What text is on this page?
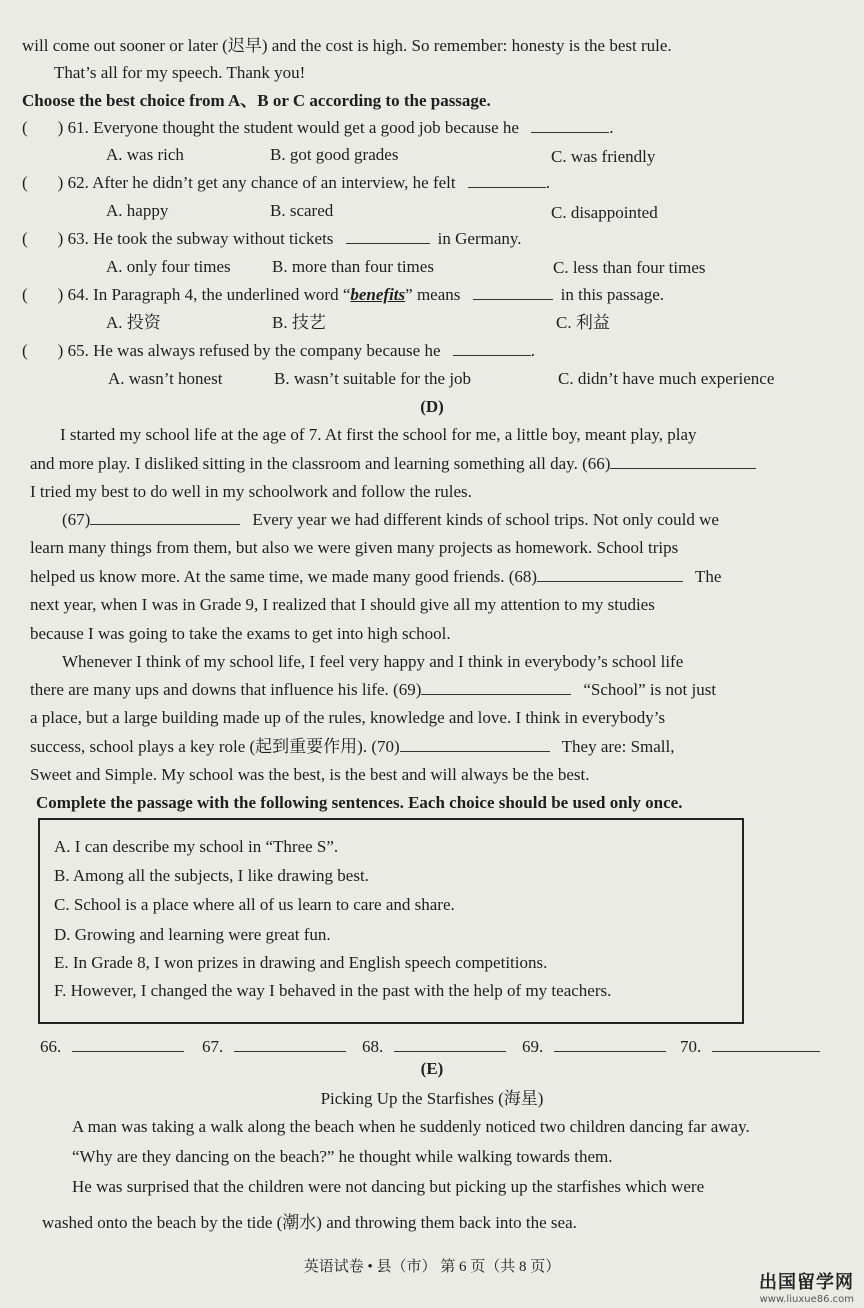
will come out sooner or later (迟早) and the cost is high. So remember: honesty is the best rule.
That’s all for my speech. Thank you!
Choose the best choice from A、B or C according to the passage.
( ) 61. Everyone thought the student would get a good job because he	.
A. was rich	B. got good grades	C. was friendly
( ) 62. After he didn’t get any chance of an interview, he felt	.
A. happy	B. scared	C. disappointed
( ) 63. He took the subway without tickets	in Germany.
A. only four times B. more than four times	C. less than four times
( ) 64. In Paragraph 4, the underlined word “benefits” means	in this passage.
A. 投资	B. 技艺	C. 利益
( ) 65. He was always refused by the company because he	.
A. wasn’t honest	B. wasn’t suitable for the job	C. didn’t have much experience
(D)
I started my school life at the age of 7. At first the school for me, a little boy, meant play, play
and more play. I disliked sitting in the classroom and learning something all day. (66)
I tried my best to do well in my schoolwork and follow the rules.
(67)	Every year we had different kinds of school trips. Not only could we
learn many things from them, but also we were given many projects as homework. School trips
helped us know more. At the same time, we made many good friends. (68)	The
next year, when I was in Grade 9, I realized that I should give all my attention to my studies
because I was going to take the exams to get into high school.
Whenever I think of my school life, I feel very happy and I think in everybody’s school life
there are many ups and downs that influence his life. (69)	“School” is not just
a place, but a large building made up of the rules, knowledge and love. I think in everybody’s
success, school plays a key role (起到重要作用). (70)	They are: Small,
Sweet and Simple. My school was the best, is the best and will always be the best.
Complete the passage with the following sentences. Each choice should be used only once.
A. I can describe my school in “Three S”.
B. Among all the subjects, I like drawing best.
C. School is a place where all of us learn to care and share.
D. Growing and learning were great fun.
E. In Grade 8, I won prizes in drawing and English speech competitions.
F. However, I changed the way I behaved in the past with the help of my teachers.
66.	67.	68.	69.	70.
(E)
Picking Up the Starfishes (海星)
A man was taking a walk along the beach when he suddenly noticed two children dancing far away.
“Why are they dancing on the beach?” he thought while walking towards them.
He was surprised that the children were not dancing but picking up the starfishes which were
washed onto the beach by the tide (潮水) and throwing them back into the sea.
英语试卷 • 县（市） 第 6 页（共 8 页）
出国留学网
www.liuxue86.com
